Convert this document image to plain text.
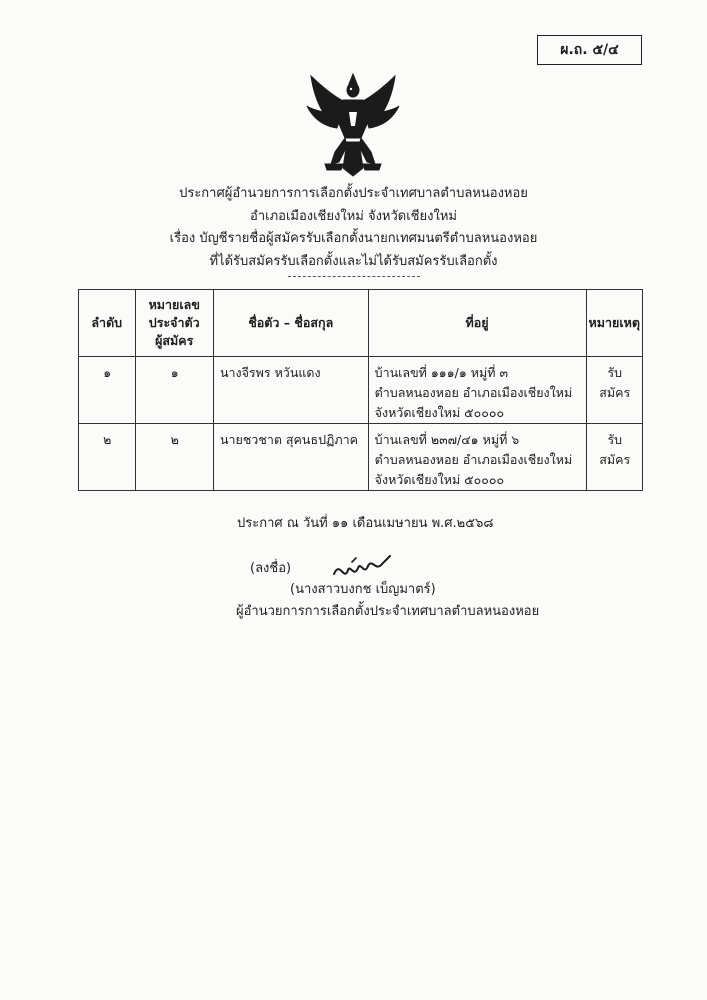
ผ.ถ. ๕/๔
ประกาศผู้อำนวยการการเลือกตั้งประจำเทศบาลตำบลหนองหอย
อำเภอเมืองเชียงใหม่ จังหวัดเชียงใหม่
เรื่อง บัญชีรายชื่อผู้สมัครรับเลือกตั้งนายกเทศมนตรีตำบลหนองหอย
ที่ได้รับสมัครรับเลือกตั้งและไม่ได้รับสมัครรับเลือกตั้ง
ลำดับ	หมายเลข
ประจำตัว
ผู้สมัคร	ชื่อตัว – ชื่อสกุล	ที่อยู่	หมายเหตุ
๑	๑	นางจีรพร หวันแดง	บ้านเลขที่ ๑๑๑/๑ หมู่ที่ ๓
ตำบลหนองหอย อำเภอเมืองเชียงใหม่
จังหวัดเชียงใหม่ ๕๐๐๐๐	รับสมัคร
๒	๒	นายชวชาต สุคนธปฏิภาค	บ้านเลขที่ ๒๓๗/๔๑ หมู่ที่ ๖
ตำบลหนองหอย อำเภอเมืองเชียงใหม่
จังหวัดเชียงใหม่ ๕๐๐๐๐	รับสมัคร
ประกาศ ณ วันที่ ๑๑ เดือนเมษายน พ.ศ.๒๕๖๘
(ลงชื่อ)
(นางสาวบงกช เบ็ญมาตร์)
ผู้อำนวยการการเลือกตั้งประจำเทศบาลตำบลหนองหอย
